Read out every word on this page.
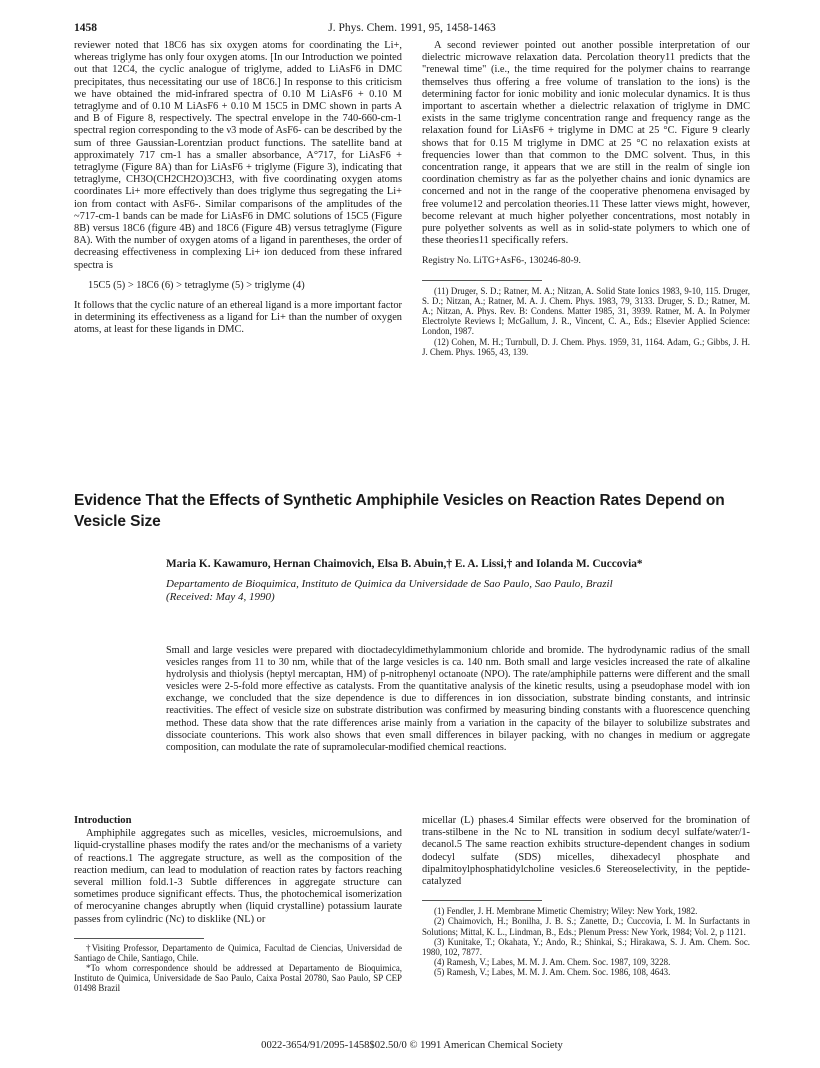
1458	J. Phys. Chem. 1991, 95, 1458-1463

reviewer noted that 18C6 has six oxygen atoms for coordinating the Li+, whereas triglyme has only four oxygen atoms. [In our Introduction we pointed out that 12C4, the cyclic analogue of triglyme, added to LiAsF6 in DMC precipitates, thus necessitating our use of 18C6.] In response to this criticism we have obtained the mid-infrared spectra of 0.10 M LiAsF6 + 0.10 M tetraglyme and of 0.10 M LiAsF6 + 0.10 M 15C5 in DMC shown in parts A and B of Figure 8, respectively. The spectral envelope in the 740-660-cm-1 spectral region corresponding to the ν3 mode of AsF6- can be described by the sum of three Gaussian-Lorentzian product functions. The satellite band at approximately 717 cm-1 has a smaller absorbance, A°717, for LiAsF6 + tetraglyme (Figure 8A) than for LiAsF6 + triglyme (Figure 3), indicating that tetraglyme, CH3O(CH2CH2O)3CH3, with five coordinating oxygen atoms coordinates Li+ more effectively than does triglyme thus segregating the Li+ ion from contact with AsF6-. Similar comparisons of the amplitudes of the ~717-cm-1 bands can be made for LiAsF6 in DMC solutions of 15C5 (Figure 8B) versus 18C6 (figure 4B) and 18C6 (Figure 4B) versus tetraglyme (Figure 8A). With the number of oxygen atoms of a ligand in parentheses, the order of decreasing effectiveness in complexing Li+ ion deduced from these infrared spectra is

15C5 (5) > 18C6 (6) > tetraglyme (5) > triglyme (4)

It follows that the cyclic nature of an ethereal ligand is a more important factor in determining its effectiveness as a ligand for Li+ than the number of oxygen atoms, at least for these ligands in DMC.

A second reviewer pointed out another possible interpretation of our dielectric microwave relaxation data. Percolation theory11 predicts that the "renewal time" (i.e., the time required for the polymer chains to rearrange themselves thus offering a free volume of translation to the ions) is the determining factor for ionic mobility and ionic molecular dynamics. It is thus important to ascertain whether a dielectric relaxation of triglyme in DMC exists in the same triglyme concentration range and frequency range as the relaxation found for LiAsF6 + triglyme in DMC at 25 °C. Figure 9 clearly shows that for 0.15 M triglyme in DMC at 25 °C no relaxation exists at frequencies lower than that common to the DMC solvent. Thus, in this concentration range, it appears that we are still in the realm of single ion coordination chemistry as far as the polyether chains and ionic dynamics are concerned and not in the range of the cooperative phenomena envisaged by free volume12 and percolation theories.11 These latter views might, however, become relevant at much higher polyether concentrations, most notably in pure polyether solvents as well as in solid-state polymers to which one of these theories11 specifically refers.

Registry No. LiTG+AsF6-, 130246-80-9.

(11) Druger, S. D.; Ratner, M. A.; Nitzan, A. Solid State Ionics 1983, 9-10, 115. Druger, S. D.; Nitzan, A.; Ratner, M. A. J. Chem. Phys. 1983, 79, 3133. Druger, S. D.; Ratner, M. A.; Nitzan, A. Phys. Rev. B: Condens. Matter 1985, 31, 3939. Ratner, M. A. In Polymer Electrolyte Reviews I; McGallum, J. R., Vincent, C. A., Eds.; Elsevier Applied Science: London, 1987.

(12) Cohen, M. H.; Turnbull, D. J. Chem. Phys. 1959, 31, 1164. Adam, G.; Gibbs, J. H. J. Chem. Phys. 1965, 43, 139.

Evidence That the Effects of Synthetic Amphiphile Vesicles on Reaction Rates Depend on Vesicle Size
Maria K. Kawamuro, Hernan Chaimovich, Elsa B. Abuin,† E. A. Lissi,† and Iolanda M. Cuccovia*
Departamento de Bioquimica, Instituto de Quimica da Universidade de Sao Paulo, Sao Paulo, Brazil
(Received: May 4, 1990)
Small and large vesicles were prepared with dioctadecyldimethylammonium chloride and bromide. The hydrodynamic radius of the small vesicles ranges from 11 to 30 nm, while that of the large vesicles is ca. 140 nm. Both small and large vesicles increased the rate of alkaline hydrolysis and thiolysis (heptyl mercaptan, HM) of p-nitrophenyl octanoate (NPO). The rate/amphiphile patterns were different and the small vesicles were 2-5-fold more effective as catalysts. From the quantitative analysis of the kinetic results, using a pseudophase model with ion exchange, we concluded that the size dependence is due to differences in ion dissociation, substrate binding constants, and intrinsic reactivities. The effect of vesicle size on substrate distribution was confirmed by measuring binding constants with a fluorescence quenching method. These data show that the rate differences arise mainly from a variation in the capacity of the bilayer to solubilize substrates and dissociate counterions. This work also shows that even small differences in bilayer packing, with no changes in medium or aggregate composition, can modulate the rate of supramolecular-modified chemical reactions.
Introduction

Amphiphile aggregates such as micelles, vesicles, microemulsions, and liquid-crystalline phases modify the rates and/or the mechanisms of a variety of reactions.1 The aggregate structure, as well as the composition of the reaction medium, can lead to modulation of reaction rates by factors reaching several million fold.1-3 Subtle differences in aggregate structure can sometimes produce significant effects. Thus, the photochemical isomerization of merocyanine changes abruptly when (liquid crystalline) potassium laurate passes from cylindric (Nc) to disklike (NL) or

†Visiting Professor, Departamento de Quimica, Facultad de Ciencias, Universidad de Santiago de Chile, Santiago, Chile.

*To whom correspondence should be addressed at Departamento de Bioquimica, Instituto de Quimica, Universidade de Sao Paulo, Caixa Postal 20780, Sao Paulo, SP CEP 01498 Brazil

micellar (L) phases.4 Similar effects were observed for the bromination of trans-stilbene in the Nc to NL transition in sodium decyl sulfate/water/1-decanol.5 The same reaction exhibits structure-dependent changes in sodium dodecyl sulfate (SDS) micelles, dihexadecyl phosphate and dipalmitoylphosphatidylcholine vesicles.6 Stereoselectivity, in the peptide-catalyzed

(1) Fendler, J. H. Membrane Mimetic Chemistry; Wiley: New York, 1982.

(2) Chaimovich, H.; Bonilha, J. B. S.; Zanette, D.; Cuccovia, I. M. In Surfactants in Solutions; Mittal, K. L., Lindman, B., Eds.; Plenum Press: New York, 1984; Vol. 2, p 1121.

(3) Kunitake, T.; Okahata, Y.; Ando, R.; Shinkai, S.; Hirakawa, S. J. Am. Chem. Soc. 1980, 102, 7877.

(4) Ramesh, V.; Labes, M. M. J. Am. Chem. Soc. 1987, 109, 3228.

(5) Ramesh, V.; Labes, M. M. J. Am. Chem. Soc. 1986, 108, 4643.

0022-3654/91/2095-1458$02.50/0 © 1991 American Chemical Society
